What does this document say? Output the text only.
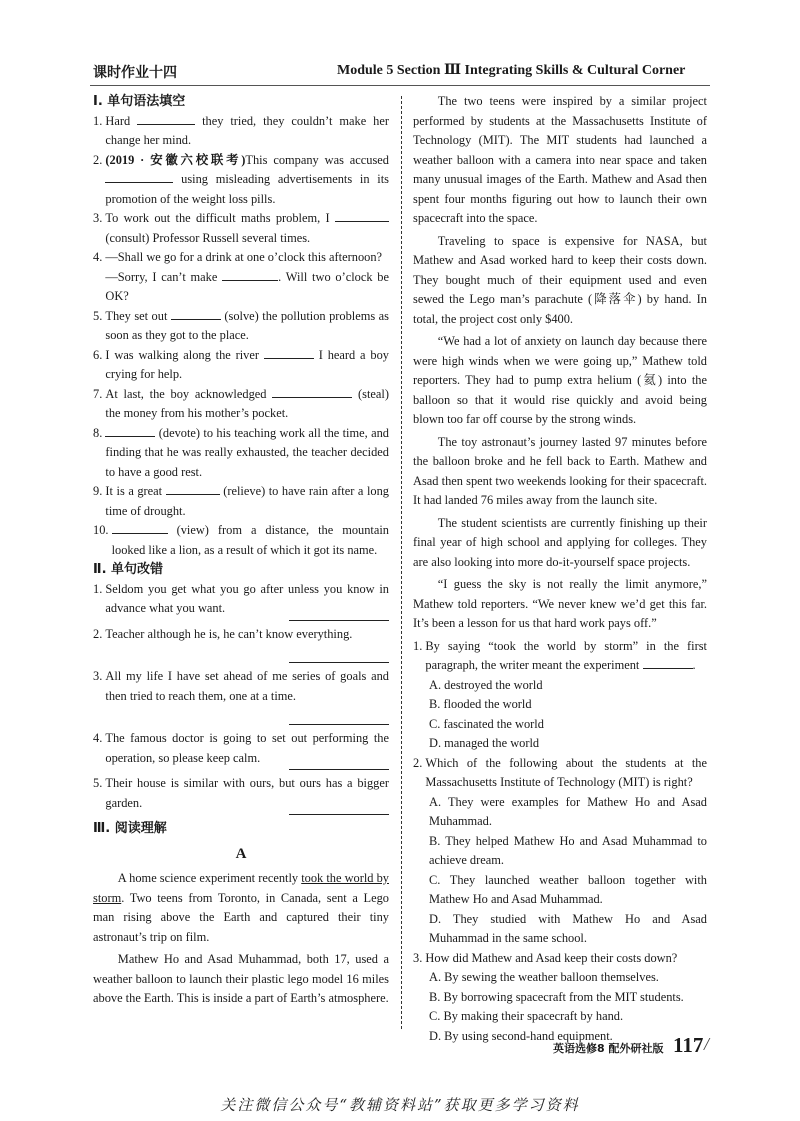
课时作业十四	Module 5 Section Ⅲ Integrating Skills & Cultural Corner
Ⅰ. 单句语法填空
1. Hard	they tried, they couldn’t make her change her mind.
2. (2019 · 安徽六校联考)This company was accused  using misleading advertisements in its promotion of the weight loss pills.
3. To work out the difficult maths problem, I  (consult) Professor Russell several times.
4. —Shall we go for a drink at one o’clock this afternoon?
—Sorry, I can’t make	. Will two o’clock be OK?
5. They set out	(solve) the pollution problems as soon as they got to the place.
6. I was walking along the river	I heard a boy crying for help.
7. At last, the boy acknowledged	(steal) the money from his mother’s pocket.
8.	(devote) to his teaching work all the time, and finding that he was really exhausted, the teacher decided to have a good rest.
9. It is a great	(relieve) to have rain after a long time of drought.
10.	(view) from a distance, the mountain looked like a lion, as a result of which it got its name.
Ⅱ. 单句改错
1. Seldom you get what you go after unless you know in advance what you want.
2. Teacher although he is, he can’t know everything.
3. All my life I have set ahead of me series of goals and then tried to reach them, one at a time.
4. The famous doctor is going to set out performing the operation, so please keep calm.
5. Their house is similar with ours, but ours has a bigger garden.
Ⅲ. 阅读理解
A

A home science experiment recently took the world by storm. Two teens from Toronto, in Canada, sent a Lego man rising above the Earth and captured their tiny astronaut’s trip on film.

Mathew Ho and Asad Muhammad, both 17, used a weather balloon to launch their plastic lego model 16 miles above the Earth. This is inside a part of Earth’s atmosphere.

The two teens were inspired by a similar project performed by students at the Massachusetts Institute of Technology (MIT). The MIT students had launched a weather balloon with a camera into near space and taken many unusual images of the Earth. Mathew and Asad then spent four months figuring out how to launch their own spacecraft into the space.

Traveling to space is expensive for NASA, but Mathew and Asad worked hard to keep their costs down. They bought much of their equipment used and even sewed the Lego man’s parachute (降落伞) by hand. In total, the project cost only $400.

“We had a lot of anxiety on launch day because there were high winds when we were going up,” Mathew told reporters. They had to pump extra helium (氦) into the balloon so that it would rise quickly and avoid being blown too far off course by the strong winds.

The toy astronaut’s journey lasted 97 minutes before the balloon broke and he fell back to Earth. Mathew and Asad then spent two weekends looking for their spacecraft. It had landed 76 miles away from the launch site.

The student scientists are currently finishing up their final year of high school and applying for colleges. They are also looking into more do-it-yourself space projects.

“I guess the sky is not really the limit anymore,” Mathew told reporters. “We never knew we’d get this far. It’s been a lesson for us that hard work pays off.”

1. By saying “took the world by storm” in the first paragraph, the writer meant the experiment	.
A. destroyed the world
B. flooded the world
C. fascinated the world
D. managed the world
2. Which of the following about the students at the Massachusetts Institute of Technology (MIT) is right?
A. They were examples for Mathew Ho and Asad Muhammad.
B. They helped Mathew Ho and Asad Muhammad to achieve dream.
C. They launched weather balloon together with Mathew Ho and Asad Muhammad.
D. They studied with Mathew Ho and Asad Muhammad in the same school.
3. How did Mathew and Asad keep their costs down?
A. By sewing the weather balloon themselves.
B. By borrowing spacecraft from the MIT students.
C. By making their spacecraft by hand.
D. By using second-hand equipment.
英语选修8 配外研社版 117 /
关注微信公众号“教辅资料站”获取更多学习资料
